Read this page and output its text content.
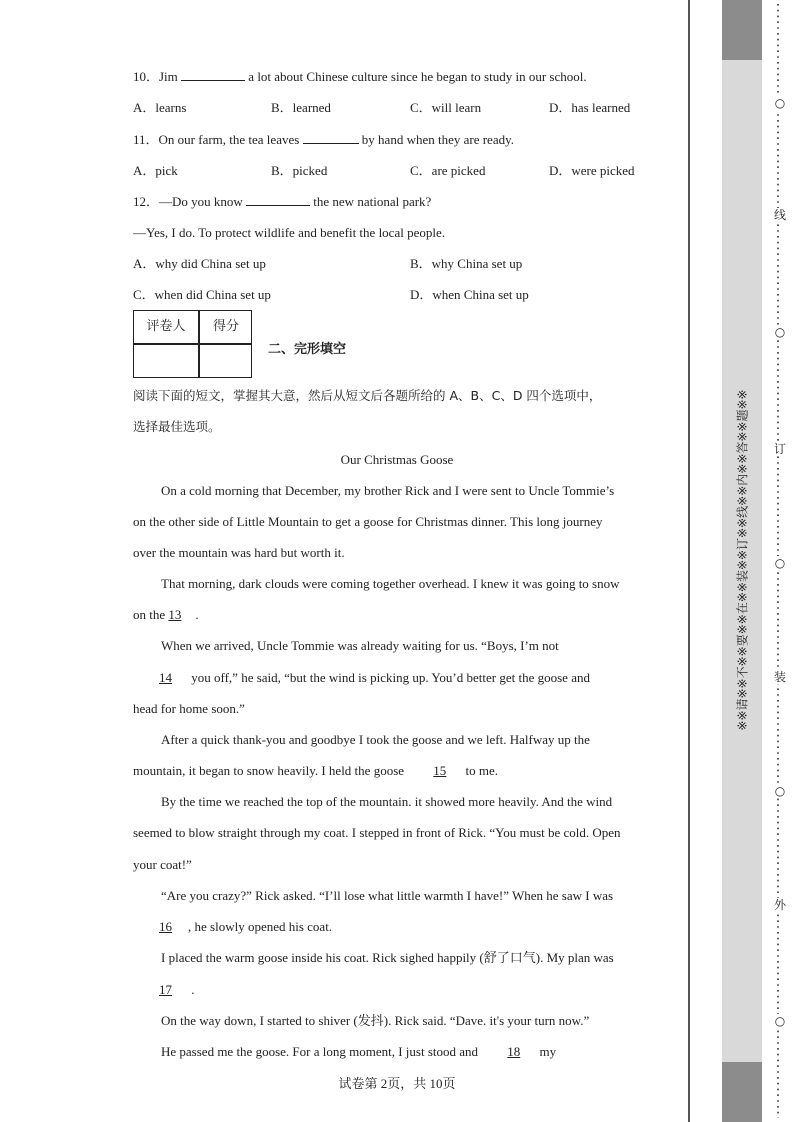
10．Jim	a lot about Chinese culture since he began to study in our school.
A．learns	B．learned	C．will learn	D．has learned
11．On our farm, the tea leaves	by hand when they are ready.
A．pick	B．picked	C．are picked	D．were picked
12．—Do you know	the new national park?
—Yes, I do. To protect wildlife and benefit the local people.
A．why did China set up	B．why China set up
C．when did China set up	D．when China set up
评卷人	得分
二、完形填空
阅读下面的短文，掌握其大意，然后从短文后各题所给的 A、B、C、D 四个选项中，
选择最佳选项。
Our Christmas Goose
On a cold morning that December, my brother Rick and I were sent to Uncle Tommie’s
on the other side of Little Mountain to get a goose for Christmas dinner. This long journey
over the mountain was hard but worth it.
That morning, dark clouds were coming together overhead. I knew it was going to snow
on the 13 .
When we arrived, Uncle Tommie was already waiting for us. “Boys, I’m not
14 you off,” he said, “but the wind is picking up. You’d better get the goose and
head for home soon.”
After a quick thank-you and goodbye I took the goose and we left. Halfway up the
mountain, it began to snow heavily. I held the goose 15 to me.
By the time we reached the top of the mountain. it showed more heavily. And the wind
seemed to blow straight through my coat. I stepped in front of Rick. “You must be cold. Open
your coat!”
“Are you crazy?” Rick asked. “I’ll lose what little warmth I have!” When he saw I was
16 , he slowly opened his coat.
I placed the warm goose inside his coat. Rick sighed happily (舒了口气). My plan was
17 .
On the way down, I started to shiver (发抖). Rick said. “Dave. it's your turn now.”
He passed me the goose. For a long moment, I just stood and 18 my
试卷第 2页，共 10页
※※请※※不※※要※※在※※装※※订※※线※※内※※答※※题※※
○
线
○
订
○
装
○
外
○
